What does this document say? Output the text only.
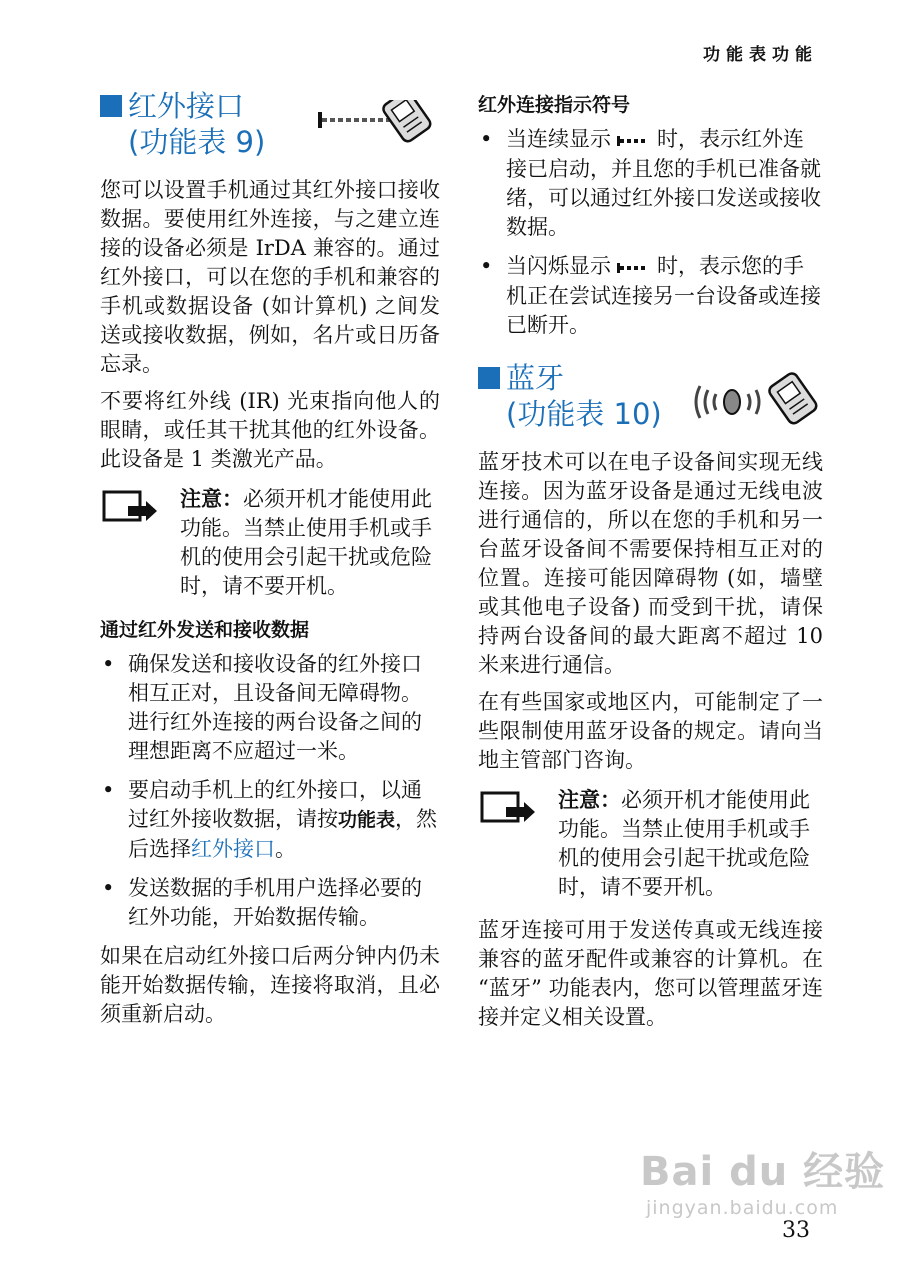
功能表功能
红外接口
(功能表 9)

您可以设置手机通过其红外接口接收数据。要使用红外连接，与之建立连接的设备必须是 IrDA 兼容的。通过红外接口，可以在您的手机和兼容的手机或数据设备 (如计算机) 之间发送或接收数据，例如，名片或日历备忘录。

不要将红外线 (IR) 光束指向他人的眼睛，或任其干扰其他的红外设备。此设备是 1 类激光产品。

注意：必须开机才能使用此功能。当禁止使用手机或手机的使用会引起干扰或危险时，请不要开机。

通过红外发送和接收数据
• 确保发送和接收设备的红外接口相互正对，且设备间无障碍物。进行红外连接的两台设备之间的理想距离不应超过一米。
• 要启动手机上的红外接口，以通过红外接收数据，请按功能表，然后选择红外接口。
• 发送数据的手机用户选择必要的红外功能，开始数据传输。

如果在启动红外接口后两分钟内仍未能开始数据传输，连接将取消，且必须重新启动。

红外连接指示符号
• 当连续显示 时，表示红外连接已启动，并且您的手机已准备就绪，可以通过红外接口发送或接收数据。
• 当闪烁显示 时，表示您的手机正在尝试连接另一台设备或连接已断开。
蓝牙
(功能表 10)

蓝牙技术可以在电子设备间实现无线连接。因为蓝牙设备是通过无线电波进行通信的，所以在您的手机和另一台蓝牙设备间不需要保持相互正对的位置。连接可能因障碍物 (如，墙壁或其他电子设备) 而受到干扰，请保持两台设备间的最大距离不超过 10 米来进行通信。

在有些国家或地区内，可能制定了一些限制使用蓝牙设备的规定。请向当地主管部门咨询。

注意：必须开机才能使用此功能。当禁止使用手机或手机的使用会引起干扰或危险时，请不要开机。

蓝牙连接可用于发送传真或无线连接兼容的蓝牙配件或兼容的计算机。在 “蓝牙” 功能表内，您可以管理蓝牙连接并定义相关设置。

Bai du 经验
jingyan.baidu.com
33
